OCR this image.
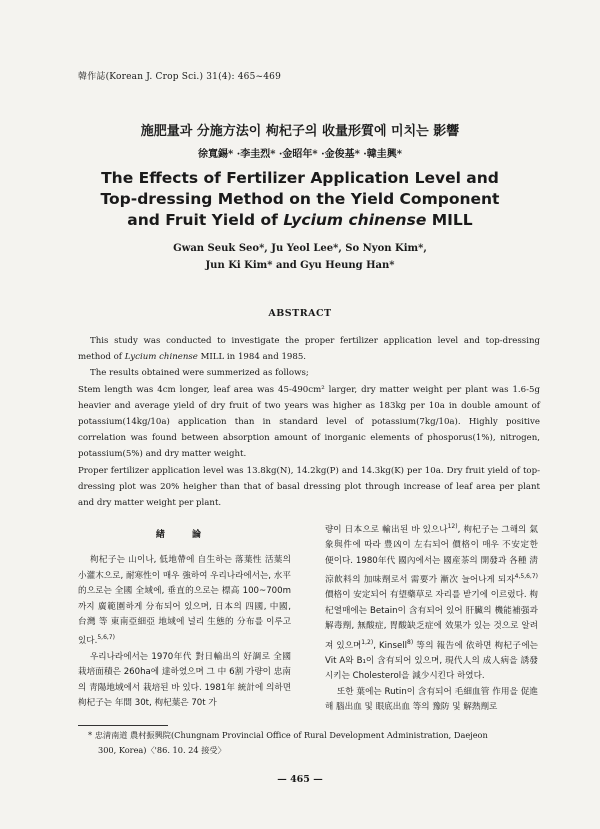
韓作誌(Korean J. Crop Sci.) 31(4): 465~469
施肥量과 分施方法이 枸杞子의 收量形質에 미치는 影響
徐寬錫* ·李圭烈* ·金昭年* ·金俊基* ·韓圭興*
The Effects of Fertilizer Application Level and
Top-dressing Method on the Yield Component
and Fruit Yield of Lycium chinense MILL
Gwan Seuk Seo*, Ju Yeol Lee*, So Nyon Kim*,
Jun Ki Kim* and Gyu Heung Han*
ABSTRACT

This study was conducted to investigate the proper fertilizer application level and top-dressing method of Lycium chinense MILL in 1984 and 1985.

The results obtained were summerized as follows;

Stem length was 4cm longer, leaf area was 45-490cm² larger, dry matter weight per plant was 1.6-5g heavier and average yield of dry fruit of two years was higher as 183kg per 10a in double amount of potassium(14kg/10a) application than in standard level of potassium(7kg/10a). Highly positive correlation was found between absorption amount of inorganic elements of phosporus(1%), nitrogen, potassium(5%) and dry matter weight.

Proper fertilizer application level was 13.8kg(N), 14.2kg(P) and 14.3kg(K) per 10a. Dry fruit yield of top-dressing plot was 20% heigher than that of basal dressing plot through increase of leaf area per plant and dry matter weight per plant.

緖 論

枸杞子는 山이나, 低地帶에 自生하는 落葉性 活葉의 小灌木으로, 耐寒性이 매우 強하여 우리나라에서는, 水平的으로는 全國 全域에, 垂直的으로는 標高 100~700m까지 廣範圍하게 分布되어 있으며, 日本의 四國, 中國, 台灣 等 東南亞細亞 地域에 널리 生態的 分布를 이루고 있다.$^{5,6,7)}$

우리나라에서는 1970年代 對日輸出의 好調로 全國栽培面積은 260ha에 達하였으며 그 中 6割 가량이 忠南의 靑陽地域에서 栽培된 바 있다. 1981年 統計에 의하면 枸杞子는 年間 30t, 枸杞葉은 70t 가

량이 日本으로 輸出된 바 있으나$^{12)}$, 枸杞子는 그해의 氣象與件에 따라 豊凶이 左右되어 價格이 매우 不安定한 便이다. 1980年代 國內에서는 國産茶의 開發과 各種 淸涼飮料의 加味劑로서 需要가 漸次 늘어나게 되자$^{4,5,6,7)}$ 價格이 安定되어 有望藥草로 자리를 받기에 이르렀다. 枸杞열매에는 Betain이 含有되어 있어 肝臟의 機能補强과 解毒劑, 無酸症, 胃酸缺乏症에 效果가 있는 것으로 알려져 있으며$^{1,2)}$, Kinsell$^{8)}$ 等의 報告에 依하면 枸杞子에는 Vit A와 B₁이 含有되어 있으며, 現代人의 成人病을 誘發시키는 Cholesterol을 減少시킨다 하였다.

또한 葉에는 Rutin이 含有되어 毛細血管 作用을 促進해 腦出血 및 眼底出血 等의 豫防 및 解熱劑로

* 忠淸南道 農村振興院(Chungnam Provincial Office of Rural Development Administration, Daejeon
300, Korea)〈'86. 10. 24 接受〉
— 465 —
